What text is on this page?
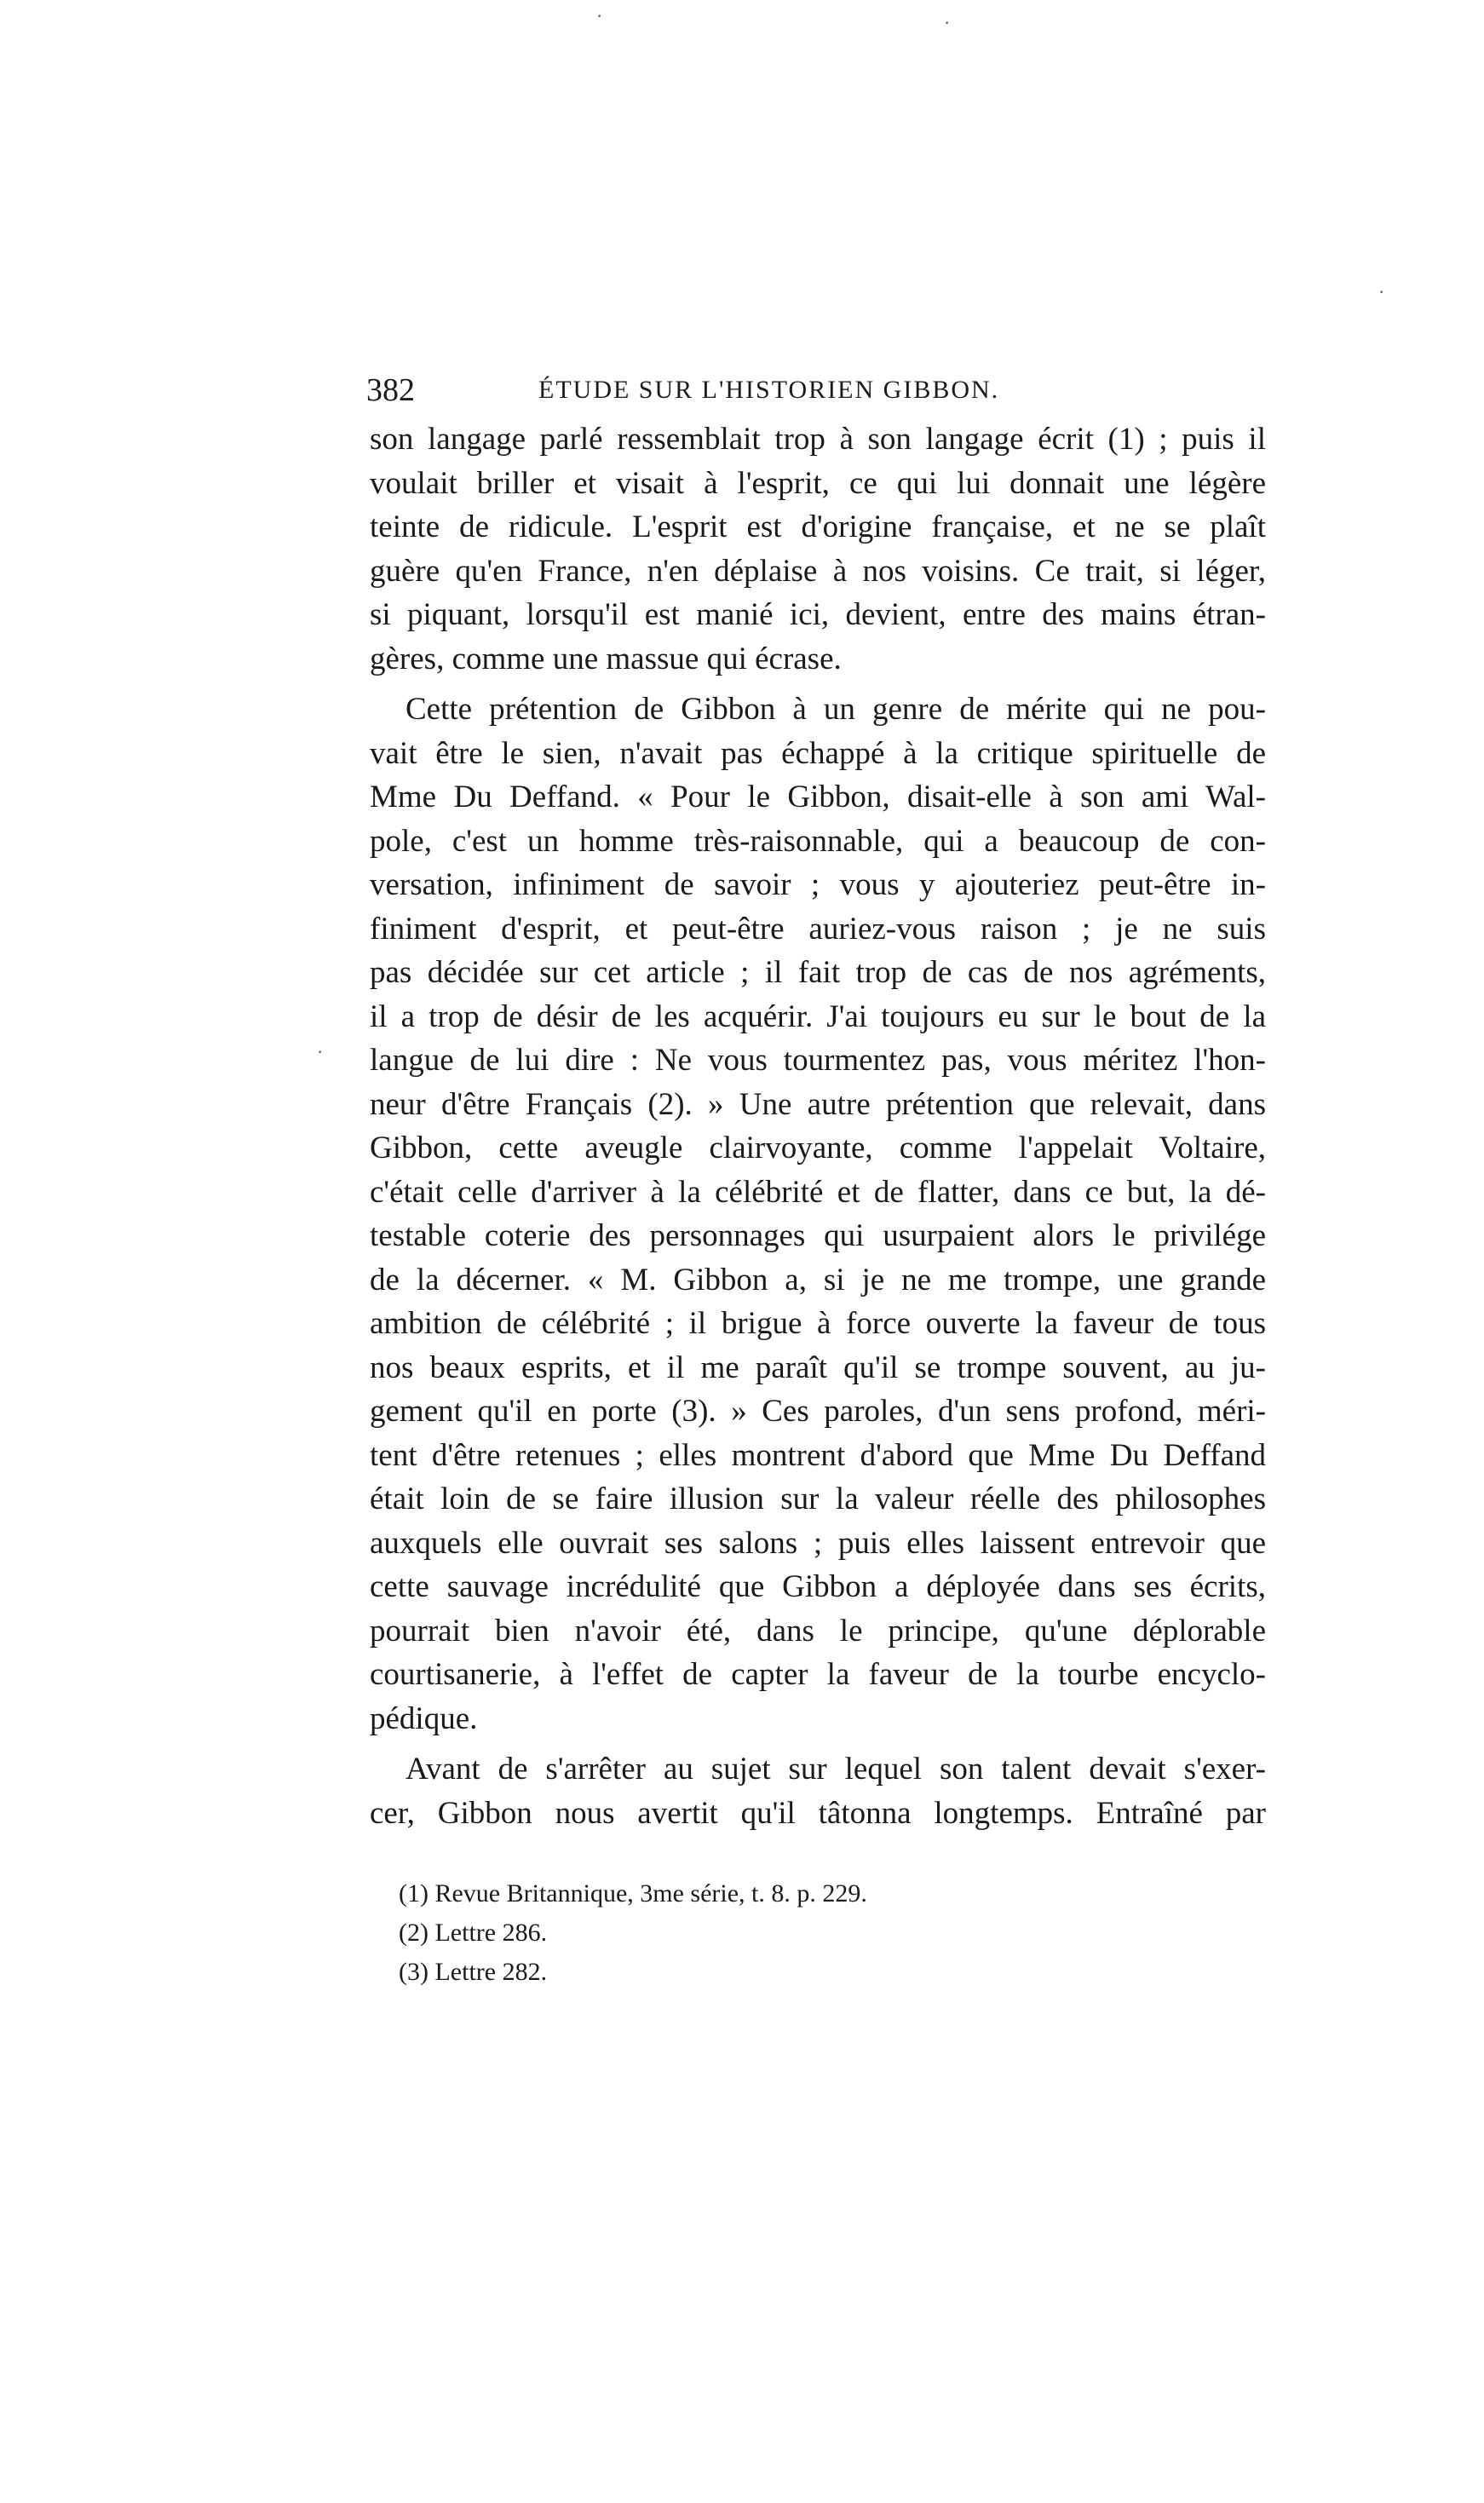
382	ÉTUDE SUR L'HISTORIEN GIBBON.

son langage parlé ressemblait trop à son langage écrit (1) ; puis il

voulait briller et visait à l'esprit, ce qui lui donnait une légère

teinte de ridicule. L'esprit est d'origine française, et ne se plaît

guère qu'en France, n'en déplaise à nos voisins. Ce trait, si léger,

si piquant, lorsqu'il est manié ici, devient, entre des mains étran-

gères, comme une massue qui écrase.

Cette prétention de Gibbon à un genre de mérite qui ne pou-

vait être le sien, n'avait pas échappé à la critique spirituelle de

Mme Du Deffand. « Pour le Gibbon, disait-elle à son ami Wal-

pole, c'est un homme très-raisonnable, qui a beaucoup de con-

versation, infiniment de savoir ; vous y ajouteriez peut-être in-

finiment d'esprit, et peut-être auriez-vous raison ; je ne suis

pas décidée sur cet article ; il fait trop de cas de nos agréments,

il a trop de désir de les acquérir. J'ai toujours eu sur le bout de la

langue de lui dire : Ne vous tourmentez pas, vous méritez l'hon-

neur d'être Français (2). » Une autre prétention que relevait, dans

Gibbon, cette aveugle clairvoyante, comme l'appelait Voltaire,

c'était celle d'arriver à la célébrité et de flatter, dans ce but, la dé-

testable coterie des personnages qui usurpaient alors le privilége

de la décerner. « M. Gibbon a, si je ne me trompe, une grande

ambition de célébrité ; il brigue à force ouverte la faveur de tous

nos beaux esprits, et il me paraît qu'il se trompe souvent, au ju-

gement qu'il en porte (3). » Ces paroles, d'un sens profond, méri-

tent d'être retenues ; elles montrent d'abord que Mme Du Deffand

était loin de se faire illusion sur la valeur réelle des philosophes

auxquels elle ouvrait ses salons ; puis elles laissent entrevoir que

cette sauvage incrédulité que Gibbon a déployée dans ses écrits,

pourrait bien n'avoir été, dans le principe, qu'une déplorable

courtisanerie, à l'effet de capter la faveur de la tourbe encyclo-

pédique.

Avant de s'arrêter au sujet sur lequel son talent devait s'exer-

cer, Gibbon nous avertit qu'il tâtonna longtemps. Entraîné par

(1) Revue Britannique, 3me série, t. 8. p. 229.

(2) Lettre 286.

(3) Lettre 282.

·	·
·
·
